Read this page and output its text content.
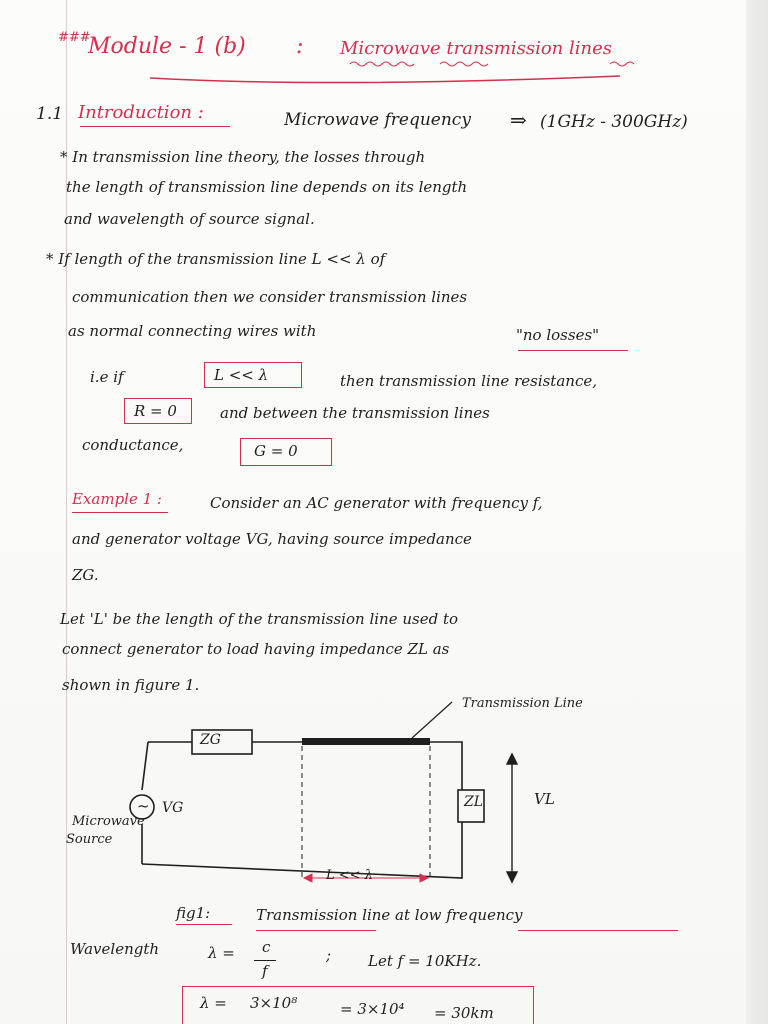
###
Module - 1 (b) : Microwave transmission lines
1.1 Introduction :	Microwave frequency ⇒ (1GHz - 300GHz)
* In transmission line theory, the losses through
the length of transmission line depends on its length
and wavelength of source signal.
* If length of the transmission line L << λ of
communication then we consider transmission lines
as normal connecting wires with	"no losses"
i.e if	L << λ	then transmission line resistance,
R = 0	and between the transmission lines
conductance,	G = 0
Example 1 :	Consider an AC generator with frequency f,
and generator voltage VG, having source impedance
ZG.
Let 'L' be the length of the transmission line used to
connect generator to load having impedance ZL as
shown in figure 1.
Transmission Line
ZG
ZL
~ VG	VL
Microwave
Source
L << λ
fig1:	Transmission line at low frequency
Wavelength	λ = c
f
; Let f = 10KHz.
λ = 3×10⁸	= 3×10⁴ = 30km
